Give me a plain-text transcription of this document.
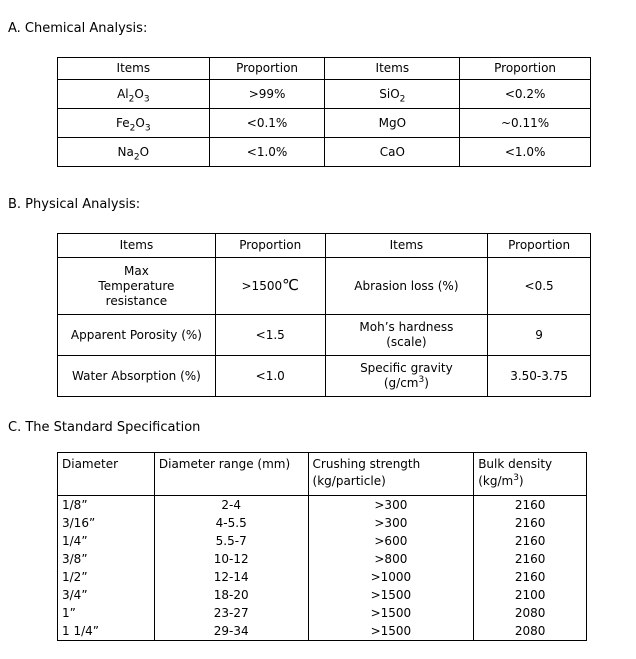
A. Chemical Analysis:
Items	Proportion	Items	Proportion
$Al_2O_3$	>99%	SiO$_2$	<0.2%
$Fe_2O_3$	<0.1%	MgO	~0.11%
$Na_2O$	<1.0%	CaO	<1.0%
B. Physical Analysis:
Items	Proportion	Items	Proportion
Max Temperature resistance	>1500℃	Abrasion loss (%)	<0.5
Apparent Porosity (%)	<1.5	Moh’s hardness (scale)	9
Water Absorption (%)	<1.0	Specific gravity $(g/cm^3)$	3.50-3.75
C. The Standard Specification
Diameter	Diameter range (mm)	Crushing strength (kg/particle)	Bulk density $(kg/m^3)$
1/8”	2-4	>300	2160
3/16”	4-5.5	>300	2160
1/4”	5.5-7	>600	2160
3/8”	10-12	>800	2160
1/2”	12-14	>1000	2160
3/4”	18-20	>1500	2100
1”	23-27	>1500	2080
1 1/4”	29-34	>1500	2080
